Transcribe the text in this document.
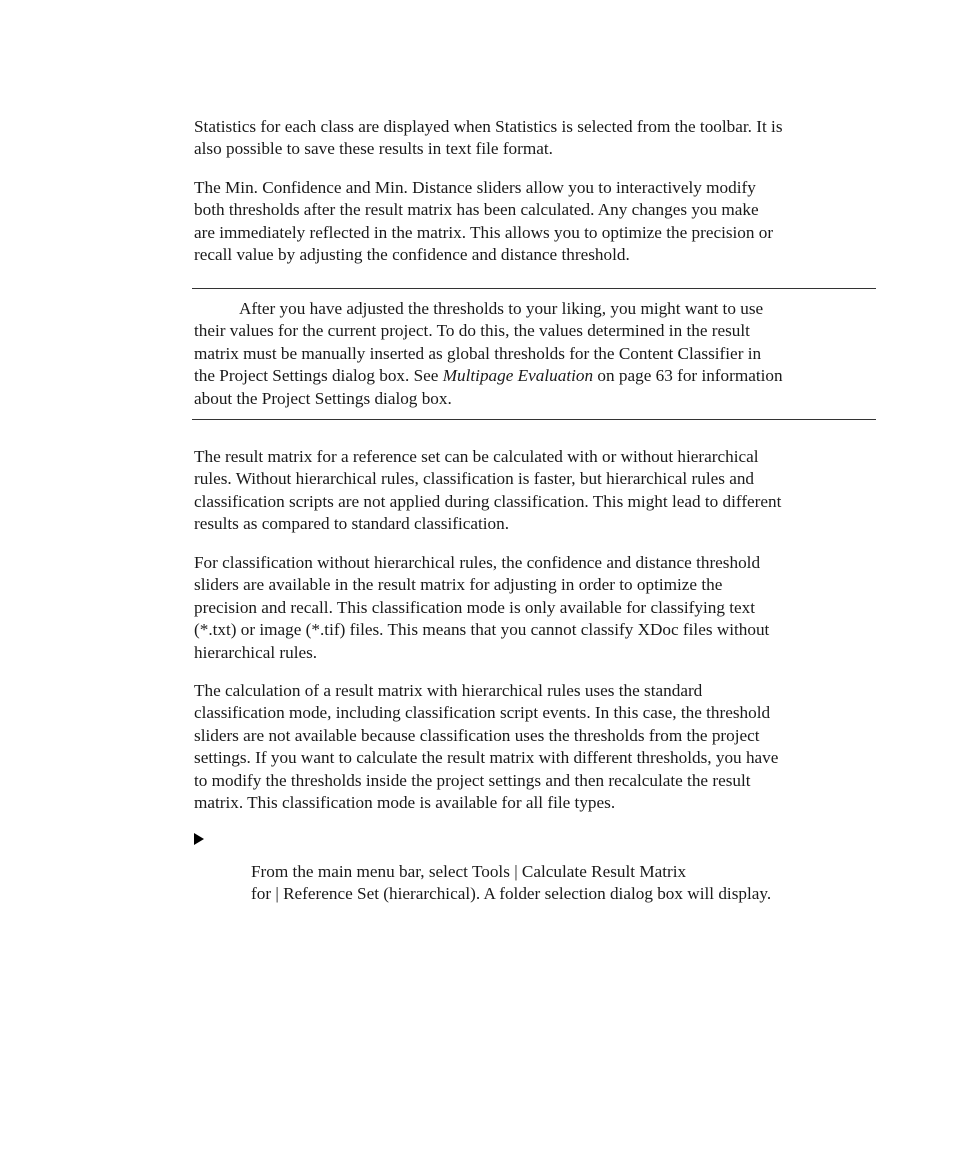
Statistics for each class are displayed when Statistics is selected from the toolbar. It is
also possible to save these results in text file format.

The Min. Confidence and Min. Distance sliders allow you to interactively modify
both thresholds after the result matrix has been calculated. Any changes you make
are immediately reflected in the matrix. This allows you to optimize the precision or
recall value by adjusting the confidence and distance threshold.

After you have adjusted the thresholds to your liking, you might want to use
their values for the current project. To do this, the values determined in the result
matrix must be manually inserted as global thresholds for the Content Classifier in
the Project Settings dialog box. See Multipage Evaluation on page 63 for information
about the Project Settings dialog box.

The result matrix for a reference set can be calculated with or without hierarchical
rules. Without hierarchical rules, classification is faster, but hierarchical rules and
classification scripts are not applied during classification. This might lead to different
results as compared to standard classification.

For classification without hierarchical rules, the confidence and distance threshold
sliders are available in the result matrix for adjusting in order to optimize the
precision and recall. This classification mode is only available for classifying text
(*.txt) or image (*.tif) files. This means that you cannot classify XDoc files without
hierarchical rules.

The calculation of a result matrix with hierarchical rules uses the standard
classification mode, including classification script events. In this case, the threshold
sliders are not available because classification uses the thresholds from the project
settings. If you want to calculate the result matrix with different thresholds, you have
to modify the thresholds inside the project settings and then recalculate the result
matrix. This classification mode is available for all file types.

From the main menu bar, select Tools | Calculate Result Matrix
for | Reference Set (hierarchical). A folder selection dialog box will display.
